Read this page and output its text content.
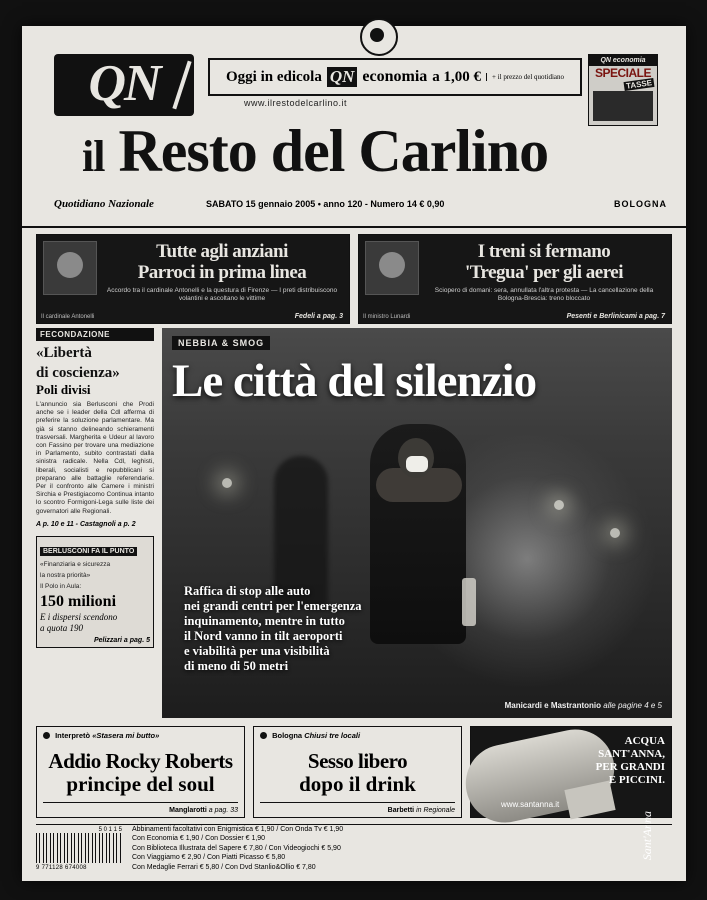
QN	Oggi in edicola QN economia a 1,00 €	+ il prezzo del quotidiano
QN economia
SPECIALE
TASSE
www.ilrestodelcarlino.it
il Resto del Carlino
Quotidiano Nazionale	SABATO 15 gennaio 2005 • anno 120 - Numero 14 € 0,90	BOLOGNA
Tutte agli anziani
Parroci in prima linea
Accordo tra il cardinale Antonelli e la questura di Firenze — I preti distribuiscono volantini e ascoltano le vittime
Il cardinale Antonelli	Fedeli a pag. 3
I treni si fermano
'Tregua' per gli aerei
Sciopero di domani: sera, annullata l'altra protesta — La cancellazione della Bologna-Brescia: treno bloccato
Il ministro Lunardi	Pesenti e Berlinicami a pag. 7
FECONDAZIONE
«Libertà
di coscienza»
Poli divisi

L'annuncio sia Berlusconi che Prodi anche se i leader della Cdl afferma di preferire la soluzione parlamentare. Ma già si stanno delineando schieramenti trasversali. Margherita e Udeur al lavoro con Fassino per trovare una mediazione in Parlamento, subito contrastati dalla sinistra radicale. Nella Cdl, leghisti, liberali, socialisti e repubblicani si preparano alle battaglie referendarie. Per il confronto alle Camere i ministri Sirchia e Prestigiacomo Continua intanto lo scontro Formigoni-Lega sulle liste dei governatori alle Regionali.

A p. 10 e 11 - Castagnoli a p. 2
BERLUSCONI FA IL PUNTO

«Finanziaria e sicurezza

la nostra priorità»

Il Polo in Aula:

150 milioni
E i dispersi scendono
a quota 190
Pelizzari a pag. 5
NEBBIA & SMOG
Le città del silenzio
Raffica di stop alle auto
nei grandi centri per l'emergenza
inquinamento, mentre in tutto
il Nord vanno in tilt aeroporti
e viabilità per una visibilità
di meno di 50 metri
Manicardi e Mastrantonio alle pagine 4 e 5
Interpretò «Stasera mi butto»
Addio Rocky Roberts
principe del soul
Manglarotti a pag. 33
Bologna Chiusi tre locali
Sesso libero
dopo il drink
Barbetti in Regionale
ACQUA
SANT'ANNA,
PER GRANDI
E PICCINI.
www.santanna.it
Sant'Anna
5 0 1 1 5
9 771128 674008
Abbinamenti facoltativi con Enigmistica € 1,90 / Con Onda Tv € 1,90
Con Economia € 1,90 / Con Dossier € 1,90
Con Biblioteca Illustrata del Sapere € 7,80 / Con Videogiochi € 5,90
Con Viaggiamo € 2,90 / Con Piatti Picasso € 5,80
Con Medaglie Ferrari € 5,80 / Con Dvd Stanlio&Ollio € 7,80
